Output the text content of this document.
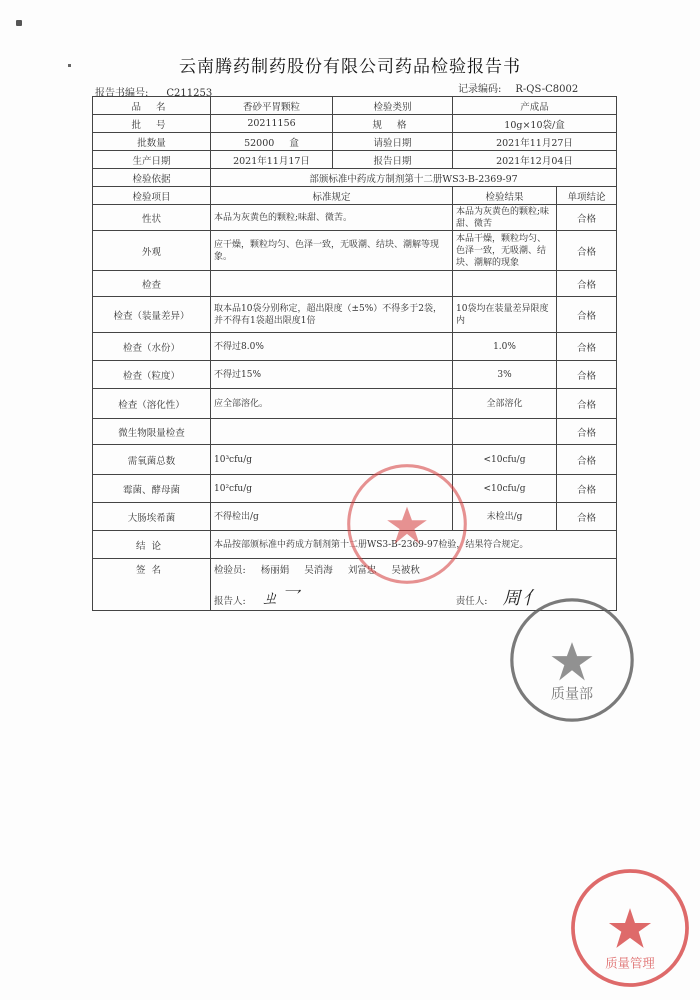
云南腾药制药股份有限公司药品检验报告书
报告书编号: C211253	记录编码: R-QS-C8002
品 名	香砂平胃颗粒	检验类别	产成品	
批 号	20211156	规 格	10g×10袋/盒	
批数量	52000 盒	请验日期	2021年11月27日	
生产日期	2021年11月17日	报告日期	2021年12月04日	
检验依据	部颁标准中药成方制剂第十二册WS3-B-2369-97			
检验项目	标准规定		检验结果	单项结论
性状	本品为灰黄色的颗粒;味甜、微苦。		本品为灰黄色的颗粒;味甜、微苦	合格
外观	应干燥，颗粒均匀、色泽一致，无吸潮、结块、潮解等现象。		本品干燥，颗粒均匀、色泽一致，无吸潮、结块、潮解的现象	合格
检查				合格
检查（装量差异）	取本品10袋分别称定，超出限度（±5%）不得多于2袋，并不得有1袋超出限度1倍		10袋均在装量差异限度内	合格
检查（水份）	不得过8.0%		1.0%	合格
检查（粒度）	不得过15%		3%	合格
检查（溶化性）	应全部溶化。		全部溶化	合格
微生物限量检查				合格
需氧菌总数	10³cfu/g		<10cfu/g	合格
霉菌、酵母菌	10²cfu/g		<10cfu/g	合格
大肠埃希菌	不得检出/g		未检出/g	合格
结论	本品按部颁标准中药成方制剂第十二册WS3-B-2369-97检验，结果符合规定。			
签名	检验员: 杨丽娟 吴消海 刘富忠 吴被秋
报告人: ㄓ⺂ 责任人: 周⺅			
质量部
质量管理
